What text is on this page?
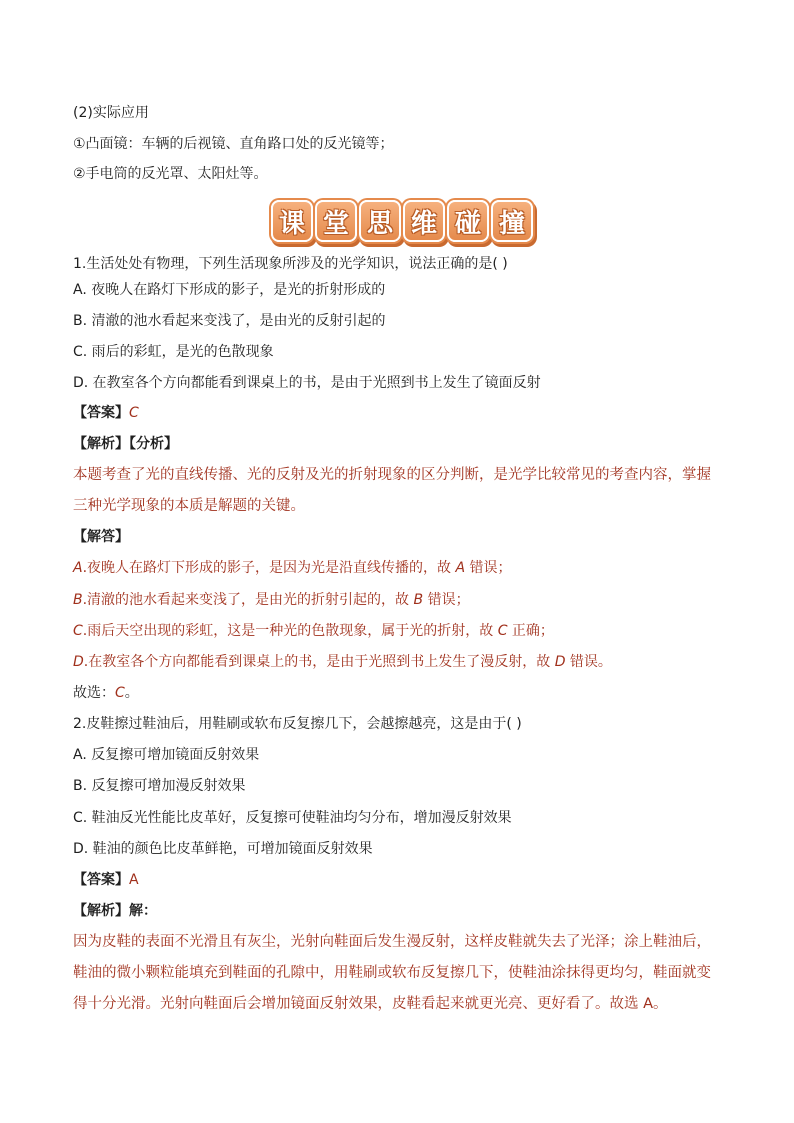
(2)实际应用
①凸面镜：车辆的后视镜、直角路口处的反光镜等；
②手电筒的反光罩、太阳灶等。
课 堂 思 维 碰 撞
1.生活处处有物理，下列生活现象所涉及的光学知识，说法正确的是( )
A. 夜晚人在路灯下形成的影子，是光的折射形成的
B. 清澈的池水看起来变浅了，是由光的反射引起的
C. 雨后的彩虹，是光的色散现象
D. 在教室各个方向都能看到课桌上的书，是由于光照到书上发生了镜面反射
【答案】C
【解析】【分析】
本题考查了光的直线传播、光的反射及光的折射现象的区分判断，是光学比较常见的考查内容，掌握三种光学现象的本质是解题的关键。
【解答】
A.夜晚人在路灯下形成的影子，是因为光是沿直线传播的，故 A 错误；
B.清澈的池水看起来变浅了，是由光的折射引起的，故 B 错误；
C.雨后天空出现的彩虹，这是一种光的色散现象，属于光的折射，故 C 正确；
D.在教室各个方向都能看到课桌上的书，是由于光照到书上发生了漫反射，故 D 错误。
故选：C。
2.皮鞋擦过鞋油后，用鞋刷或软布反复擦几下，会越擦越亮，这是由于( )
A. 反复擦可增加镜面反射效果
B. 反复擦可增加漫反射效果
C. 鞋油反光性能比皮革好，反复擦可使鞋油均匀分布，增加漫反射效果
D. 鞋油的颜色比皮革鲜艳，可增加镜面反射效果
【答案】A
【解析】解：
因为皮鞋的表面不光滑且有灰尘，光射向鞋面后发生漫反射，这样皮鞋就失去了光泽；涂上鞋油后，鞋油的微小颗粒能填充到鞋面的孔隙中，用鞋刷或软布反复擦几下，使鞋油涂抹得更均匀，鞋面就变得十分光滑。光射向鞋面后会增加镜面反射效果，皮鞋看起来就更光亮、更好看了。故选 A。
